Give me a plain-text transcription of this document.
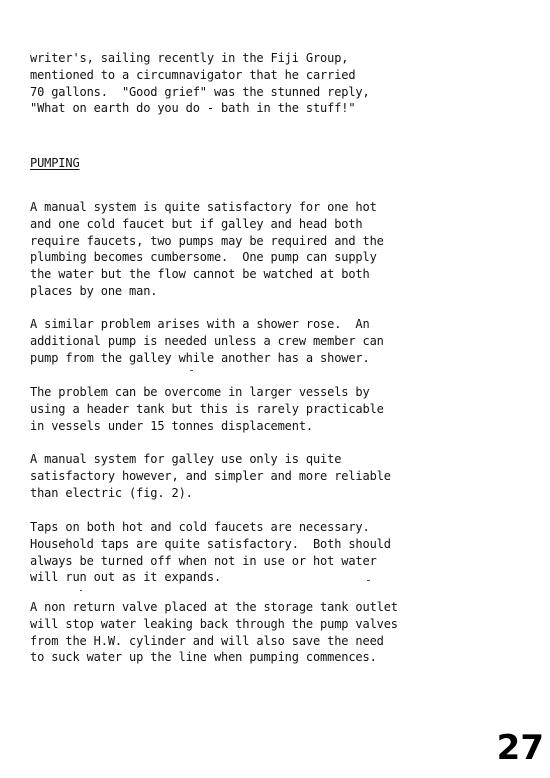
writer's, sailing recently in the Fiji Group,
mentioned to a circumnavigator that he carried
70 gallons.  "Good grief" was the stunned reply,
"What on earth do you do - bath in the stuff!"
PUMPING
A manual system is quite satisfactory for one hot
and one cold faucet but if galley and head both
require faucets, two pumps may be required and the
plumbing becomes cumbersome.  One pump can supply
the water but the flow cannot be watched at both
places by one man.
A similar problem arises with a shower rose.  An
additional pump is needed unless a crew member can
pump from the galley while another has a shower.
The problem can be overcome in larger vessels by
using a header tank but this is rarely practicable
in vessels under 15 tonnes displacement.
A manual system for galley use only is quite
satisfactory however, and simpler and more reliable
than electric (fig. 2).
Taps on both hot and cold faucets are necessary.
Household taps are quite satisfactory.  Both should
always be turned off when not in use or hot water
will run out as it expands.
A non return valve placed at the storage tank outlet
will stop water leaking back through the pump valves
from the H.W. cylinder and will also save the need
to suck water up the line when pumping commences.
27
